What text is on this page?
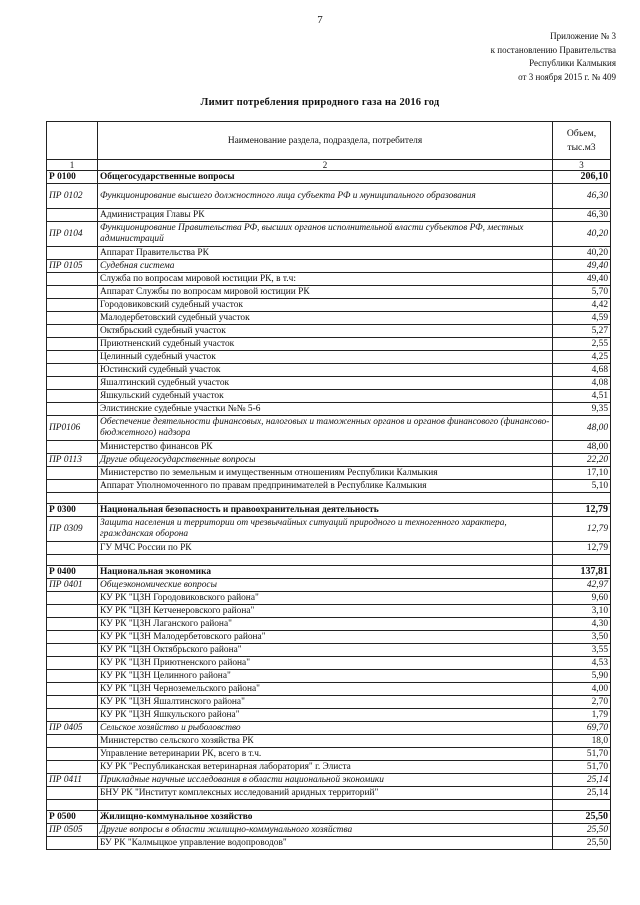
7
Приложение № 3
к постановлению Правительства
Республики Калмыкия
от 3 ноября 2015 г. № 409
Лимит потребления природного газа на 2016 год
	Наименование раздела, подраздела, потребителя	Объем, тыс.м3
1	2	3
Р 0100	Общегосударственные вопросы	206,10
ПР 0102	Функционирование высшего должностного лица субъекта РФ и муниципального образования	46,30
	Администрация Главы РК	46,30
ПР 0104	Функционирование Правительства РФ, высших органов исполнительной власти субъектов РФ, местных администраций	40,20
	Аппарат Правительства РК	40,20
ПР 0105	Судебная система	49,40
	Служба по вопросам мировой юстиции РК, в т.ч:	49,40
	Аппарат Службы по вопросам мировой юстиции РК	5,70
	Городовиковский судебный участок	4,42
	Малодербетовский судебный участок	4,59
	Октябрьский судебный участок	5,27
	Приютненский судебный участок	2,55
	Целинный судебный участок	4,25
	Юстинский судебный участок	4,68
	Яшалтинский судебный участок	4,08
	Яшкульский судебный участок	4,51
	Элистинские судебные участки №№ 5-6	9,35
ПР0106	Обеспечение деятельности финансовых, налоговых и таможенных органов и органов финансового (финансово-бюджетного) надзора	48,00
	Министерство финансов РК	48,00
ПР 0113	Другие общегосударственные вопросы	22,20
	Министерство по земельным и имущественным отношениям Республики Калмыкия	17,10
	Аппарат Уполномоченного по правам предпринимателей в Республике Калмыкия	5,10

Р 0300	Национальная безопасность и правоохранительная деятельность	12,79
ПР 0309	Защита населения и территории от чрезвычайных ситуаций природного и техногенного характера, гражданская оборона	12,79
	ГУ МЧС России по РК	12,79

Р 0400	Национальная экономика	137,81
ПР 0401	Общеэкономические вопросы	42,97
	КУ РК "ЦЗН Городовиковского района"	9,60
	КУ РК "ЦЗН Кетченеровского района"	3,10
	КУ РК "ЦЗН Лаганского района"	4,30
	КУ РК "ЦЗН Малодербетовского района"	3,50
	КУ РК "ЦЗН Октябрьского района"	3,55
	КУ РК "ЦЗН Приютненского района"	4,53
	КУ РК "ЦЗН Целинного района"	5,90
	КУ РК "ЦЗН Черноземельского района"	4,00
	КУ РК "ЦЗН Яшалтинского района"	2,70
	КУ РК "ЦЗН Яшкульского района"	1,79
ПР 0405	Сельское хозяйство и рыболовство	69,70
	Министерство сельского хозяйства РК	18,0
	Управление ветеринарии РК, всего в т.ч.	51,70
	КУ РК "Республиканская ветеринарная лаборатория" г. Элиста	51,70
ПР 0411	Прикладные научные исследования в области национальной экономики	25,14
	БНУ РК "Институт комплексных исследований аридных территорий"	25,14

Р 0500	Жилищно-коммунальное хозяйство	25,50
ПР 0505	Другие вопросы в области жилищно-коммунального хозяйства	25,50
	БУ РК "Калмыцкое управление водопроводов"	25,50
